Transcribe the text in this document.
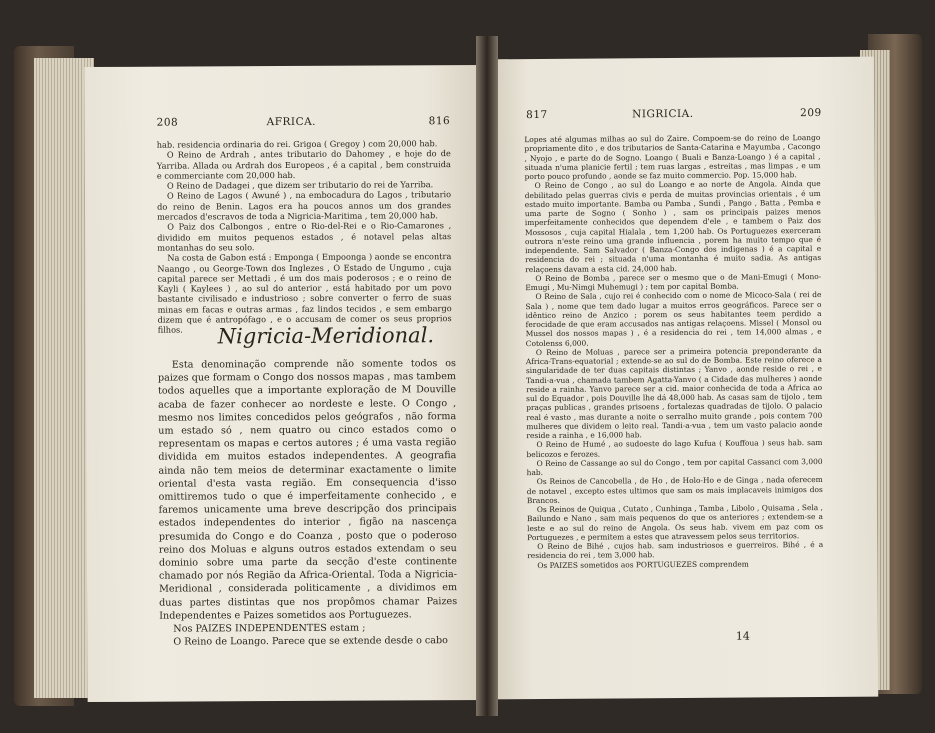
208	AFRICA.	816

hab. residencia ordinaria do rei. Grigoa ( Gregoy ) com 20,000 hab.

O Reino de Ardrah , antes tributario do Dahomey , e hoje do de Yarriba. Allada ou Ardrah dos Europeos , é a capital , bem construida e commerciante com 20,000 hab.

O Reino de Dadagei , que dizem ser tributario do rei de Yarriba.

O Reino de Lagos ( Awuné ) , na embocadura do Lagos , tributario do reino de Benin. Lagos era ha poucos annos um dos grandes mercados d'escravos de toda a Nigricia-Maritima , tem 20,000 hab.

O Paiz dos Calbongos , entre o Rio-del-Rei e o Rio-Camarones , dividido em muitos pequenos estados , é notavel pelas altas montanhas do seu solo.

Na costa de Gabon está : Emponga ( Empoonga ) aonde se encontra Naango , ou George-Town dos Inglezes , O Estado de Ungumo , cuja capital parece ser Mettadi , é um dos mais poderosos ; e o reino de Kayli ( Kaylees ) , ao sul do anterior , está habitado por um povo bastante civilisado e industrioso ; sobre converter o ferro de suas minas em facas e outras armas , faz lindos tecidos , e sem embargo dizem que é antropófago , e o accusam de comer os seus proprios filhos.	Nigricia-Meridional.

Esta denominação comprende não somente todos os paizes que formam o Congo dos nossos mapas , mas tambem todos aquelles que a importante exploração de M Douville acaba de fazer conhecer ao nordeste e leste. O Congo , mesmo nos limites concedidos pelos geógrafos , não forma um estado só , nem quatro ou cinco estados como o representam os mapas e certos autores ; é uma vasta região dividida em muitos estados independentes. A geografia ainda não tem meios de determinar exactamente o limite oriental d'esta vasta região. Em consequencia d'isso omittiremos tudo o que é imperfeitamente conhecido , e faremos unicamente uma breve descripção dos principais estados independentes do interior , figão na nascença presumida do Congo e do Coanza , posto que o poderoso reino dos Moluas e alguns outros estados extendam o seu dominio sobre uma parte da secção d'este continente chamado por nós Região da Africa-Oriental. Toda a Nigricia-Meridional , considerada politicamente , a dividimos em duas partes distintas que nos propômos chamar Paizes Independentes e Paizes sometidos aos Portuguezes.

Nos PAIZES INDEPENDENTES estam ;

O Reino de Loango. Parece que se extende desde o cabo

817	NIGRICIA.	209

Lopes até algumas milhas ao sul do Zaire. Compoem-se do reino de Loango propriamente dito , e dos tributarios de Santa-Catarina e Mayumba , Cacongo , Nyojo , e parte do de Sogno. Loango ( Buali e Banza-Loango ) é a capital , situada n'uma planicie fertil ; tem ruas largas , estreitas , mas limpas , e um porto pouco profundo , aonde se faz muito commercio. Pop. 15,000 hab.

O Reino de Congo , ao sul do Loango e ao norte de Angola. Ainda que debilitado pelas guerras civis e perda de muitas provincias orientais , é um estado muito importante. Bamba ou Pamba , Sundi , Pango , Batta , Pemba e uma parte de Sogno ( Sonho ) , sam os principais paizes menos imperfeitamente conhecidos que dependem d'ele , e tambem o Paiz dos Mossosos , cuja capital Hialala , tem 1,200 hab. Os Portuguezes exerceram outrora n'este reino uma grande influencia , porem ha muito tempo que é independente. Sam Salvador ( Banza-Congo dos indigenas ) é a capital e residencia do rei ; situada n'uma montanha é muito sadia. As antigas relaçoens davam a esta cid. 24,000 hab.

O Reino de Bomba , parece ser o mesmo que o de Mani-Emugi ( Mono-Emugi , Mu-Nimgi Muhemugi ) ; tem por capital Bomba.

O Reino de Sala , cujo rei é conhecido com o nome de Micoco-Sala ( rei de Sala ) , nome que tem dado lugar a muitos erros geográficos. Parece ser o idêntico reino de Anzico ; porem os seus habitantes teem perdido a ferocidade de que eram accusados nas antigas relaçoens. Missel ( Monsol ou Mussel dos nossos mapas ) , é a residencia do rei , tem 14,000 almas , e Cotolenss 6,000.

O Reino de Moluas , parece ser a primeira potencia preponderante da Africa-Trans-equatorial ; extende-se ao sul do de Bomba. Este reino oferece a singularidade de ter duas capitais distintas ; Yanvo , aonde reside o rei , e Tandi-a-vua , chamada tambem Agatta-Yanvo ( a Cidade das mulheres ) aonde reside a rainha. Yanvo parece ser a cid. maior conhecida de toda a Africa ao sul do Equador , pois Douville lhe dá 48,000 hab. As casas sam de tijolo , tem praças publicas , grandes prisoens , fortalezas quadradas de tijolo. O palacio real é vasto , mas durante a noite o serralho muito grande , pois contem 700 mulheres que dividem o leito real. Tandi-a-vua , tem um vasto palacio aonde reside a rainha , e 16,000 hab.

O Reino de Humé , ao sudoeste do lago Kufua ( Kouffoua ) seus hab. sam belicozos e ferozes.

O Reino de Cassange ao sul do Congo , tem por capital Cassanci com 3,000 hab.

Os Reinos de Cancobella , de Ho , de Holo-Ho e de Ginga , nada oferecem de notavel , excepto estes ultimos que sam os mais implacaveis inimigos dos Brancos.

Os Reinos de Quiqua , Cutato , Cunhinga , Tamba , Libolo , Quisama , Sela , Bailundo e Nano , sam mais pequenos do que os anteriores ; extendem-se a leste e ao sul do reino de Angola. Os seus hab. vivem em paz com os Portuguezes , e permitem a estes que atravessem pelos seus territorios.

O Reino de Bihé , cujos hab. sam industriosos e guerreiros. Bihé , é a residencia do rei , tem 3,000 hab.

Os PAIZES sometidos aos PORTUGUEZES comprendem

14
